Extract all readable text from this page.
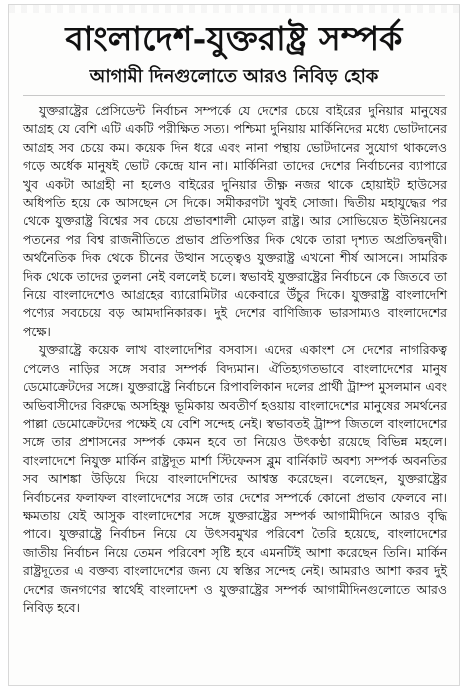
বাংলাদেশ-যুক্তরাষ্ট্র সম্পর্ক
আগামী দিনগুলোতে আরও নিবিড় হোক

যুক্তরাষ্ট্রের প্রেসিডেন্ট নির্বাচন সম্পর্কে যে দেশের চেয়ে বাইরের দুনিয়ার মানুষের আগ্রহ যে বেশি এটি একটি পরীক্ষিত সত্য। পশ্চিমা দুনিয়ায় মার্কিনিদের মধ্যে ভোটদানের আগ্রহ সব চেয়ে কম। কয়েক দিন ধরে এবং নানা পন্থায় ভোটদানের সুযোগ থাকলেও গড়ে অর্ধেক মানুষই ভোট কেন্দ্রে যান না। মার্কিনিরা তাদের দেশের নির্বাচনের ব্যাপারে খুব একটা আগ্রহী না হলেও বাইরের দুনিয়ার তীক্ষ্ণ নজর থাকে হোয়াইট হাউসের অধিপতি হয়ে কে আসছেন সে দিকে। সমীকরণটা খুবই সোজা। দ্বিতীয় মহাযুদ্ধের পর থেকে যুক্তরাষ্ট্র বিশ্বের সব চেয়ে প্রভাবশালী মোড়ল রাষ্ট্র। আর সোভিয়েত ইউনিয়নের পতনের পর বিশ্ব রাজনীতিতে প্রভাব প্রতিপত্তির দিক থেকে তারা দৃশ্যত অপ্রতিদ্বন্দ্বী। অর্থনৈতিক দিক থেকে চীনের উত্থান সত্ত্বেও যুক্তরাষ্ট্র এখনো শীর্ষ আসনে। সামরিক দিক থেকে তাদের তুলনা নেই বললেই চলে। স্বভাবই যুক্তরাষ্ট্রের নির্বাচনে কে জিতবে তা নিয়ে বাংলাদেশেও আগ্রহের ব্যারোমিটার একেবারে উঁচুর দিকে। যুক্তরাষ্ট্র বাংলাদেশি পণ্যের সবচেয়ে বড় আমদানিকারক। দুই দেশের বাণিজ্যিক ভারসাম্যও বাংলাদেশের পক্ষে।

যুক্তরাষ্ট্রে কয়েক লাখ বাংলাদেশির বসবাস। এদের একাংশ সে দেশের নাগরিকত্ব পেলেও নাড়ির সঙ্গে সবার সম্পর্ক বিদ্যমান। ঐতিহ্যগতভাবে বাংলাদেশের মানুষ ডেমোক্রেটদের সঙ্গে। যুক্তরাষ্ট্রে নির্বাচনে রিপাবলিকান দলের প্রার্থী ট্রাম্প মুসলমান এবং অভিবাসীদের বিরুদ্ধে অসহিষ্ণু ভূমিকায় অবতীর্ণ হওয়ায় বাংলাদেশের মানুষের সমর্থনের পাল্লা ডেমোক্রেটদের পক্ষেই যে বেশি সন্দেহ নেই। স্বভাবতই ট্রাম্প জিতলে বাংলাদেশের সঙ্গে তার প্রশাসনের সম্পর্ক কেমন হবে তা নিয়েও উৎকণ্ঠা রয়েছে বিভিন্ন মহলে। বাংলাদেশে নিযুক্ত মার্কিন রাষ্ট্রদূত মার্শা স্টিফেনস ব্লুম বার্নিকাট অবশ্য সম্পর্ক অবনতির সব আশঙ্কা উড়িয়ে দিয়ে বাংলাদেশিদের আশ্বস্ত করেছেন। বলেছেন, যুক্তরাষ্ট্রের নির্বাচনের ফলাফল বাংলাদেশের সঙ্গে তার দেশের সম্পর্কে কোনো প্রভাব ফেলবে না। ক্ষমতায় যেই আসুক বাংলাদেশের সঙ্গে যুক্তরাষ্ট্রের সম্পর্ক আগামীদিনে আরও বৃদ্ধি পাবে। যুক্তরাষ্ট্রে নির্বাচন নিয়ে যে উৎসবমুখর পরিবেশ তৈরি হয়েছে, বাংলাদেশের জাতীয় নির্বাচন নিয়ে তেমন পরিবেশ সৃষ্টি হবে এমনটিই আশা করেছেন তিনি। মার্কিন রাষ্ট্রদূতের এ বক্তব্য বাংলাদেশের জন্য যে স্বস্তির সন্দেহ নেই। আমরাও আশা করব দুই দেশের জনগণের স্বার্থেই বাংলাদেশ ও যুক্তরাষ্ট্রের সম্পর্ক আগামীদিনগুলোতে আরও নিবিড় হবে।
